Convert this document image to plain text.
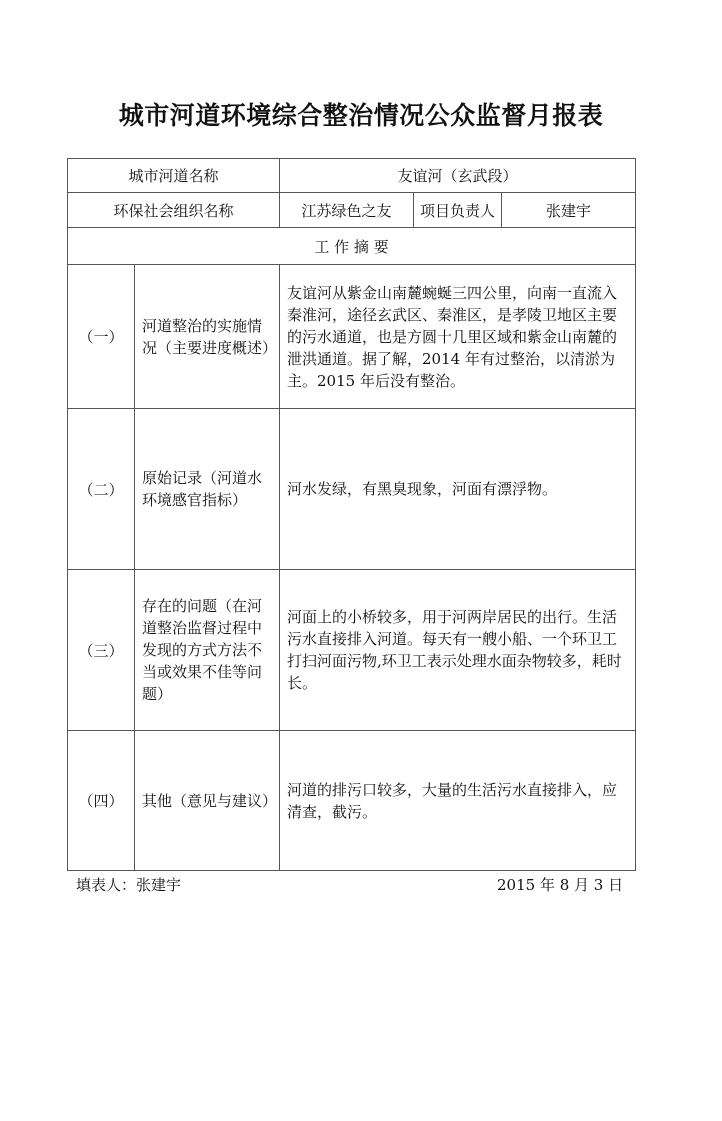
城市河道环境综合整治情况公众监督月报表
城市河道名称		友谊河（玄武段）		
环保社会组织名称		江苏绿色之友	项目负责人	张建宇
工 作 摘 要				
（一）	河道整治的实施情况（主要进度概述）	友谊河从紫金山南麓蜿蜒三四公里，向南一直流入秦淮河，途径玄武区、秦淮区，是孝陵卫地区主要的污水通道，也是方圆十几里区域和紫金山南麓的泄洪通道。据了解，2014 年有过整治，以清淤为主。2015 年后没有整治。		
（二）	原始记录（河道水环境感官指标）	河水发绿，有黑臭现象，河面有漂浮物。		
（三）	存在的问题（在河道整治监督过程中发现的方式方法不当或效果不佳等问题）	河面上的小桥较多，用于河两岸居民的出行。生活污水直接排入河道。每天有一艘小船、一个环卫工打扫河面污物,环卫工表示处理水面杂物较多，耗时长。		
（四）	其他（意见与建议）	河道的排污口较多，大量的生活污水直接排入，应清查，截污。		
填表人：张建宇	2015 年 8 月 3 日
